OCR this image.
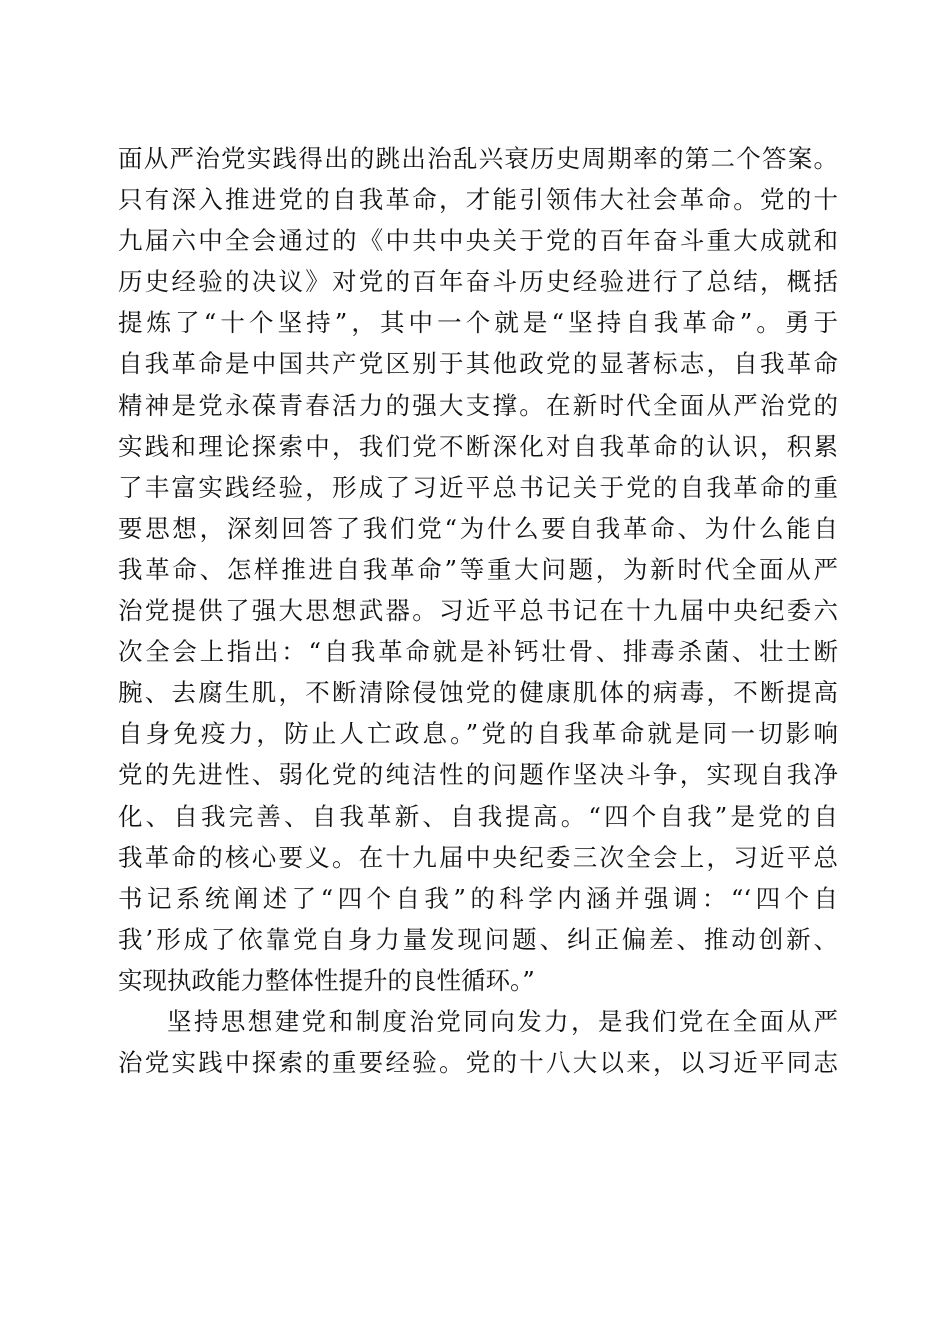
面从严治党实践得出的跳出治乱兴衰历史周期率的第二个答案。
只有深入推进党的自我革命，才能引领伟大社会革命。党的十
九届六中全会通过的《中共中央关于党的百年奋斗重大成就和
历史经验的决议》对党的百年奋斗历史经验进行了总结，概括
提炼了“十个坚持”，其中一个就是“坚持自我革命”。勇于
自我革命是中国共产党区别于其他政党的显著标志，自我革命
精神是党永葆青春活力的强大支撑。在新时代全面从严治党的
实践和理论探索中，我们党不断深化对自我革命的认识，积累
了丰富实践经验，形成了习近平总书记关于党的自我革命的重
要思想，深刻回答了我们党“为什么要自我革命、为什么能自
我革命、怎样推进自我革命”等重大问题，为新时代全面从严
治党提供了强大思想武器。习近平总书记在十九届中央纪委六
次全会上指出：“自我革命就是补钙壮骨、排毒杀菌、壮士断
腕、去腐生肌，不断清除侵蚀党的健康肌体的病毒，不断提高
自身免疫力，防止人亡政息。”党的自我革命就是同一切影响
党的先进性、弱化党的纯洁性的问题作坚决斗争，实现自我净
化、自我完善、自我革新、自我提高。“四个自我”是党的自
我革命的核心要义。在十九届中央纪委三次全会上，习近平总
书记系统阐述了“四个自我”的科学内涵并强调：“‘四个自
我’形成了依靠党自身力量发现问题、纠正偏差、推动创新、
实现执政能力整体性提升的良性循环。”
坚持思想建党和制度治党同向发力，是我们党在全面从严
治党实践中探索的重要经验。党的十八大以来，以习近平同志
